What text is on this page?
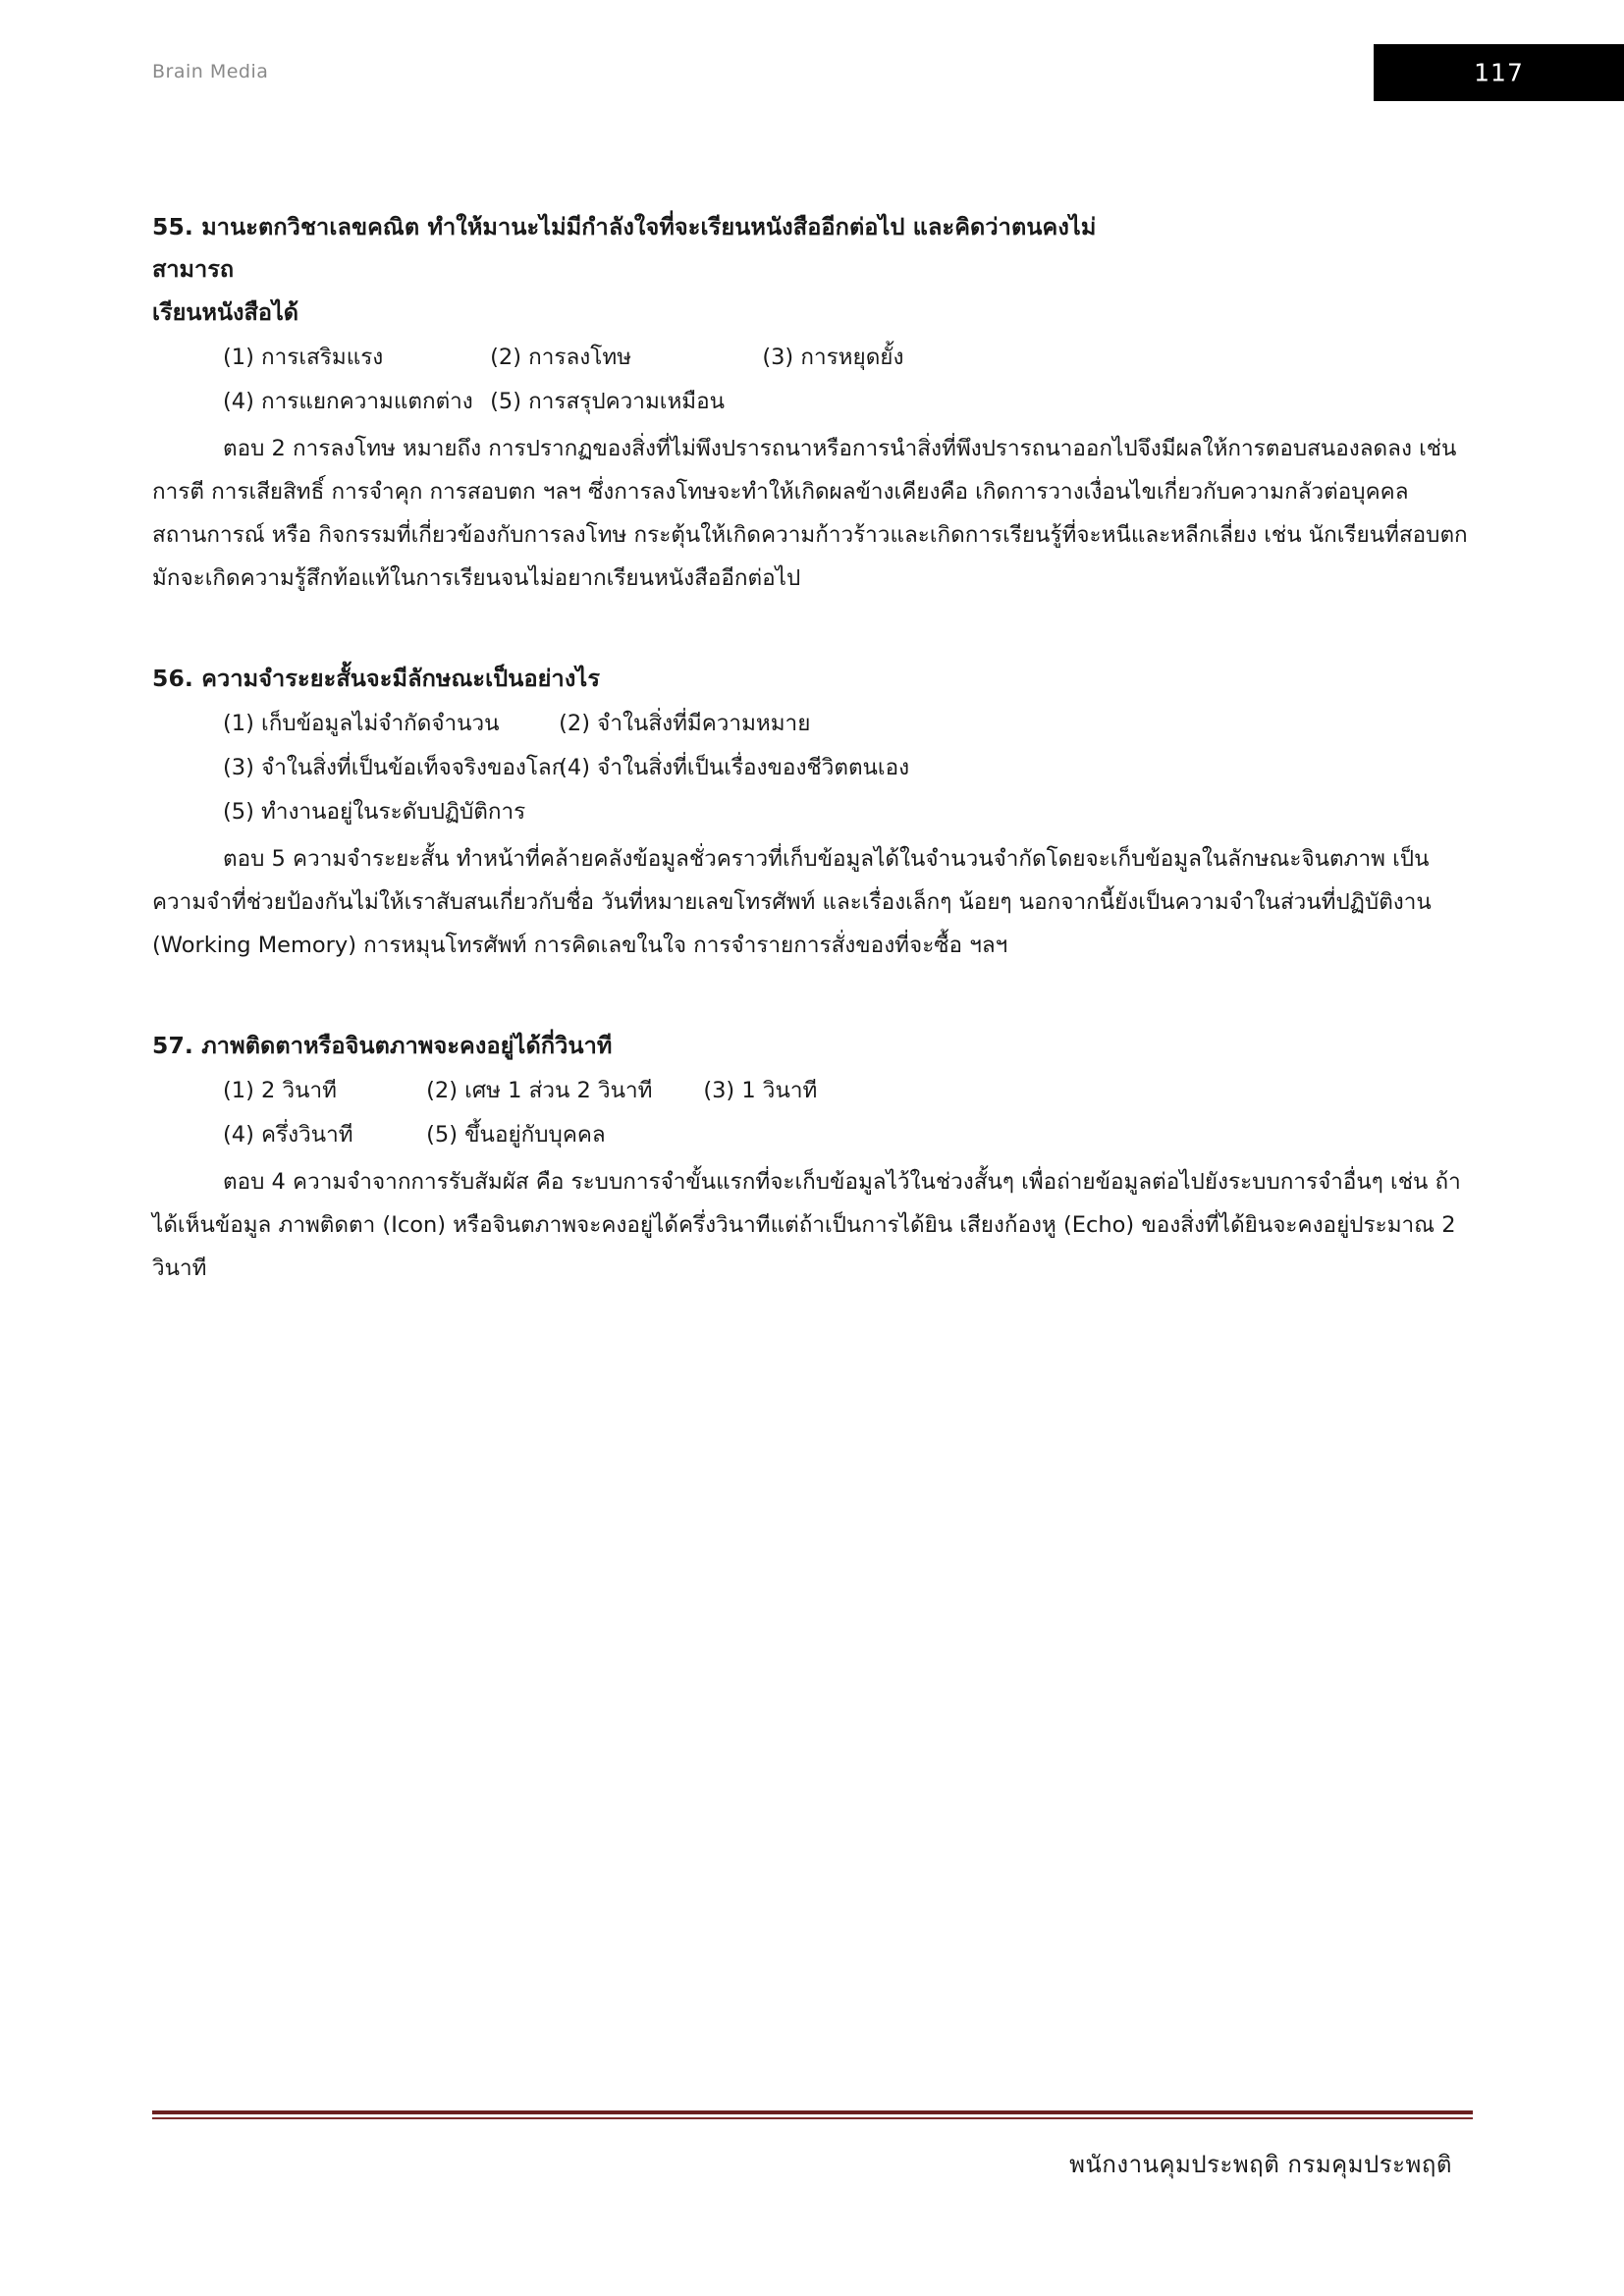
Brain Media	117
55. มานะตกวิชาเลขคณิต ทำให้มานะไม่มีกำลังใจที่จะเรียนหนังสืออีกต่อไป และคิดว่าตนคงไม่
สามารถ
เรียนหนังสือได้
(1) การเสริมแรง	(2) การลงโทษ	(3) การหยุดยั้ง
(4) การแยกความแตกต่าง (5) การสรุปความเหมือน
ตอบ 2 การลงโทษ หมายถึง การปรากฏของสิ่งที่ไม่พึงปรารถนาหรือการนำสิ่งที่พึงปรารถนาออกไปจึงมีผลให้การตอบสนองลดลง เช่น การตี การเสียสิทธิ์ การจำคุก การสอบตก ฯลฯ ซึ่งการลงโทษจะทำให้เกิดผลข้างเคียงคือ เกิดการวางเงื่อนไขเกี่ยวกับความกลัวต่อบุคคล สถานการณ์ หรือ กิจกรรมที่เกี่ยวข้องกับการลงโทษ กระตุ้นให้เกิดความก้าวร้าวและเกิดการเรียนรู้ที่จะหนีและหลีกเลี่ยง เช่น นักเรียนที่สอบตกมักจะเกิดความรู้สึกท้อแท้ในการเรียนจนไม่อยากเรียนหนังสืออีกต่อไป
56. ความจำระยะสั้นจะมีลักษณะเป็นอย่างไร
(1) เก็บข้อมูลไม่จำกัดจำนวน	(2) จำในสิ่งที่มีความหมาย
(3) จำในสิ่งที่เป็นข้อเท็จจริงของโลก (4) จำในสิ่งที่เป็นเรื่องของชีวิตตนเอง
(5) ทำงานอยู่ในระดับปฏิบัติการ
ตอบ 5 ความจำระยะสั้น ทำหน้าที่คล้ายคลังข้อมูลชั่วคราวที่เก็บข้อมูลได้ในจำนวนจำกัดโดยจะเก็บข้อมูลในลักษณะจินตภาพ เป็นความจำที่ช่วยป้องกันไม่ให้เราสับสนเกี่ยวกับชื่อ วันที่หมายเลขโทรศัพท์ และเรื่องเล็กๆ น้อยๆ นอกจากนี้ยังเป็นความจำในส่วนที่ปฏิบัติงาน (Working Memory) การหมุนโทรศัพท์ การคิดเลขในใจ การจำรายการสั่งของที่จะซื้อ ฯลฯ
57. ภาพติดตาหรือจินตภาพจะคงอยู่ได้กี่วินาที
(1) 2 วินาที	(2) เศษ 1 ส่วน 2 วินาที (3) 1 วินาที
(4) ครึ่งวินาที	(5) ขึ้นอยู่กับบุคคล
ตอบ 4 ความจำจากการรับสัมผัส คือ ระบบการจำขั้นแรกที่จะเก็บข้อมูลไว้ในช่วงสั้นๆ เพื่อถ่ายข้อมูลต่อไปยังระบบการจำอื่นๆ เช่น ถ้าได้เห็นข้อมูล ภาพติดตา (Icon) หรือจินตภาพจะคงอยู่ได้ครึ่งวินาทีแต่ถ้าเป็นการได้ยิน เสียงก้องหู (Echo) ของสิ่งที่ได้ยินจะคงอยู่ประมาณ 2 วินาที
พนักงานคุมประพฤติ กรมคุมประพฤติ
